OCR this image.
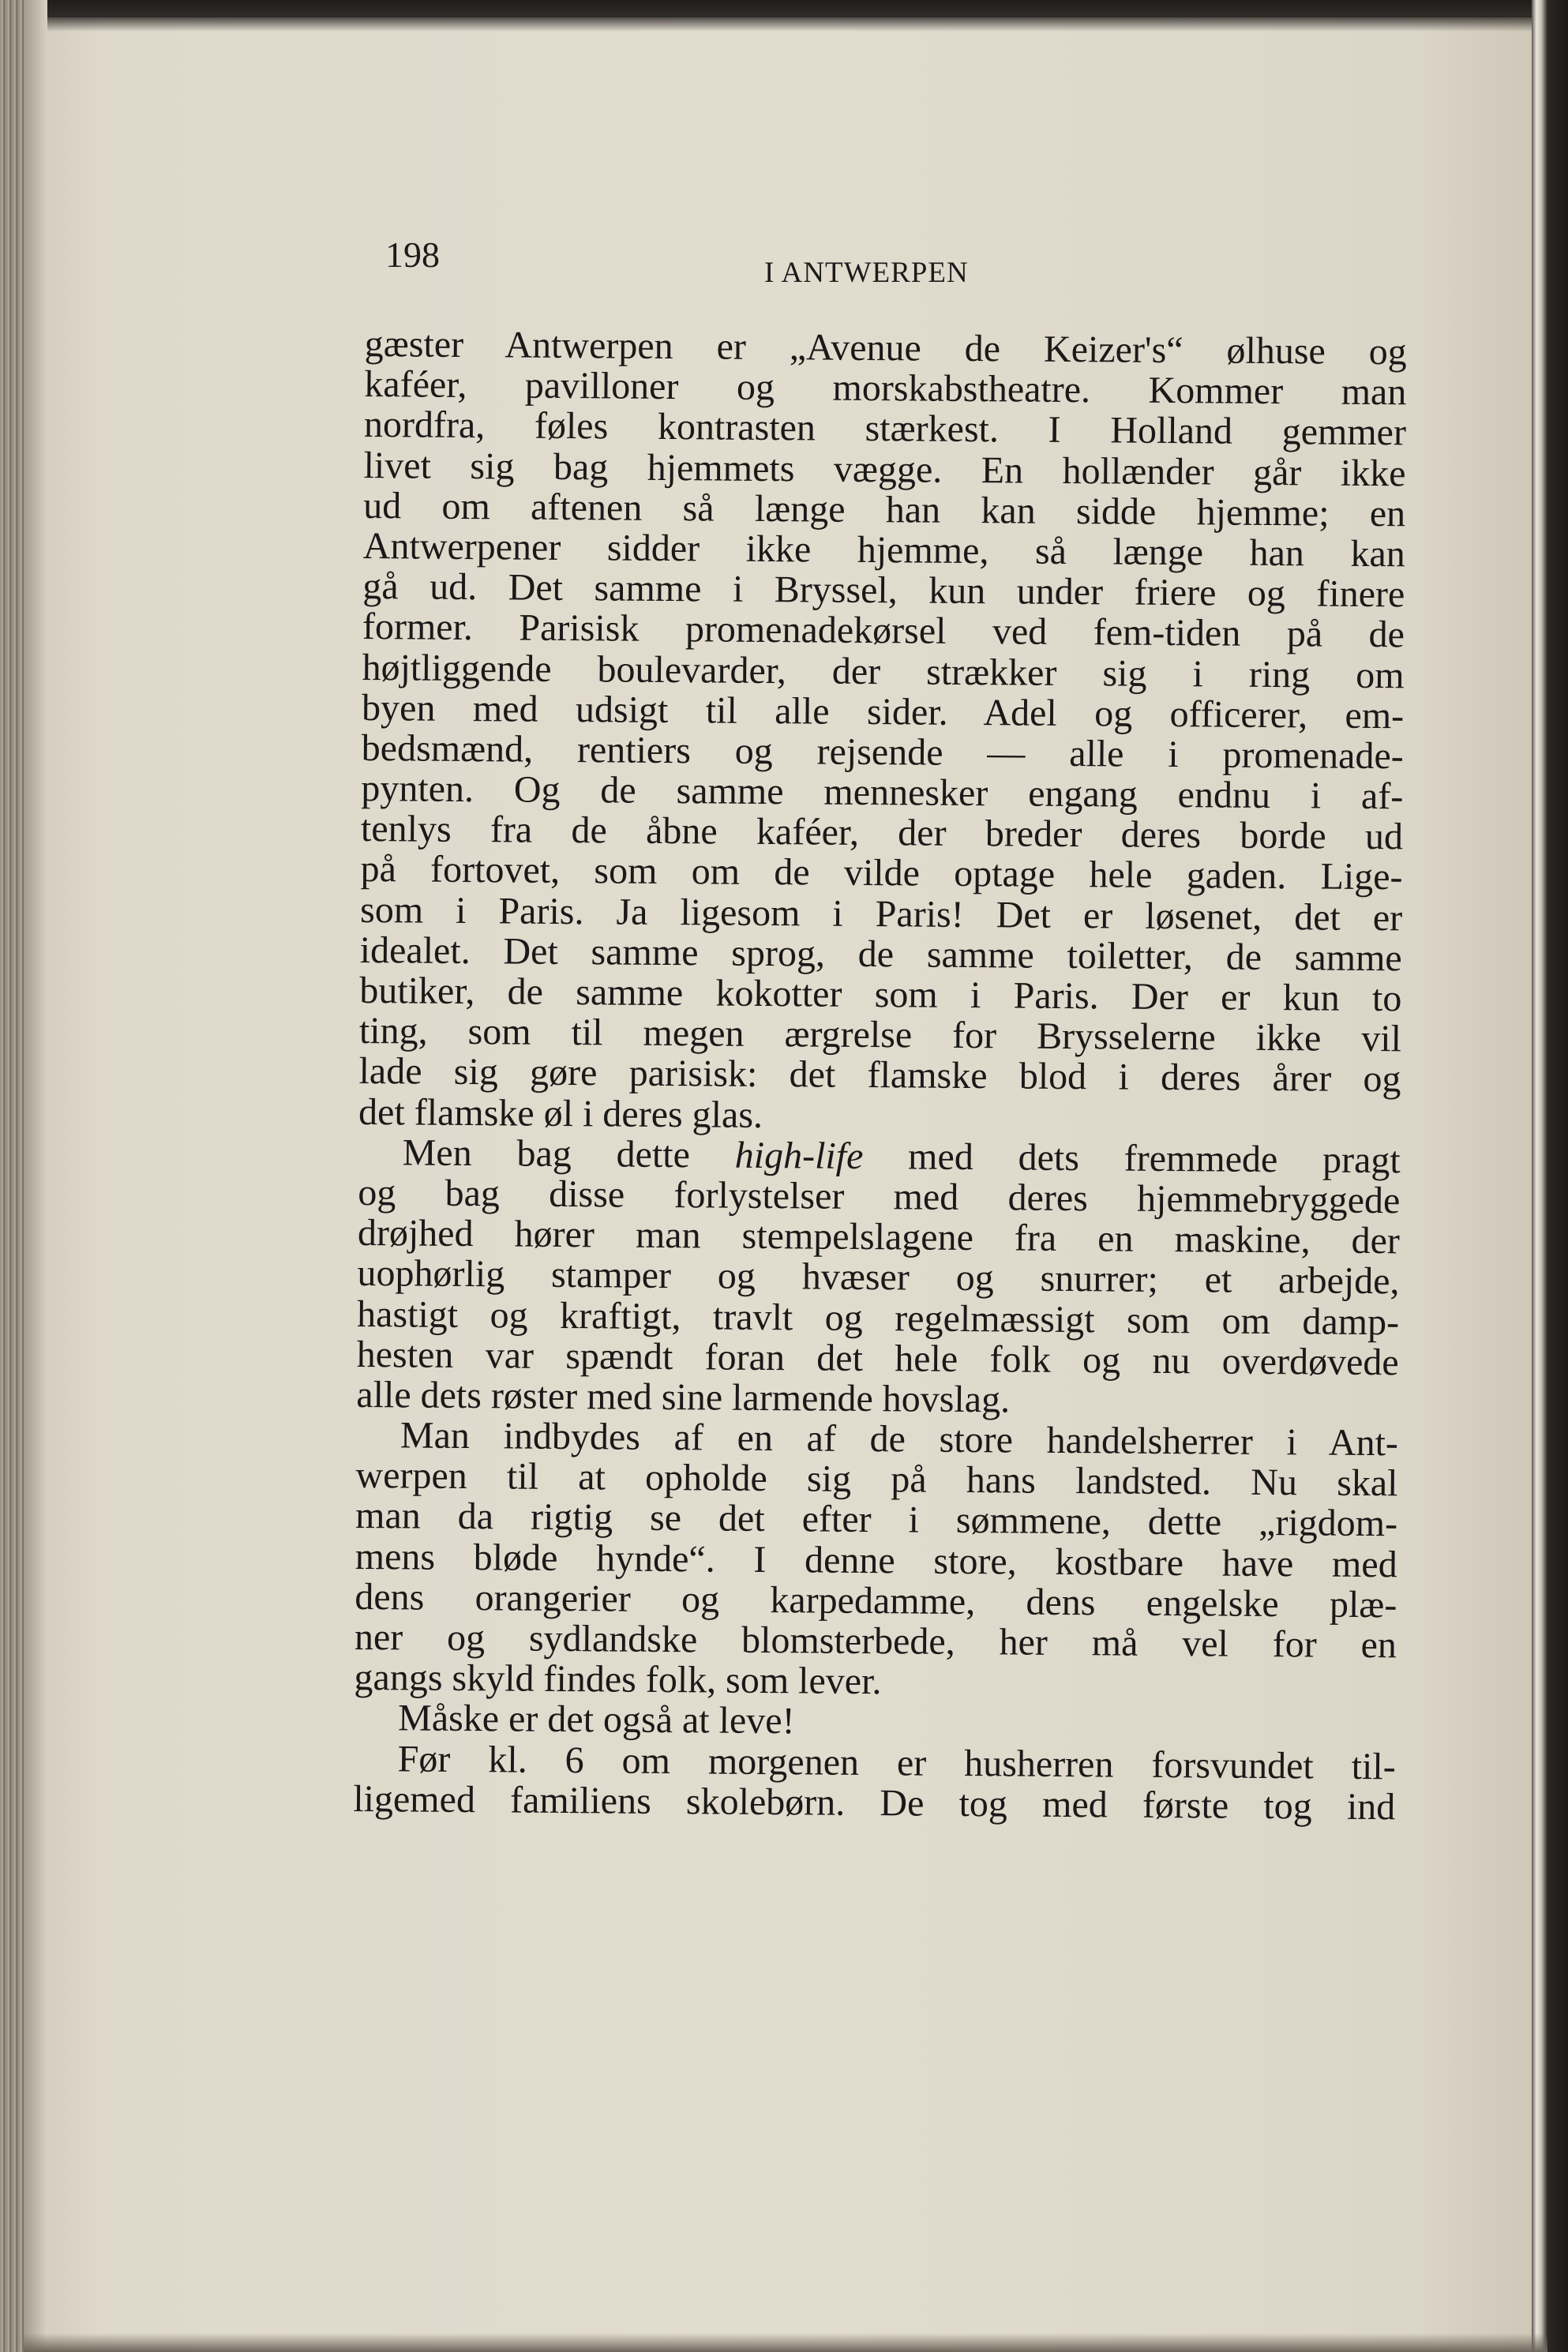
198	I ANTWERPEN
gæster Antwerpen er „Avenue de Keizer's“ ølhuse og
kaféer, pavilloner og morskabstheatre. Kommer man
nordfra, føles kontrasten stærkest. I Holland gemmer
livet sig bag hjemmets vægge. En hollænder går ikke
ud om aftenen så længe han kan sidde hjemme; en
Antwerpener sidder ikke hjemme, så længe han kan
gå ud. Det samme i Bryssel, kun under friere og finere
former. Parisisk promenadekørsel ved fem-tiden på de
højtliggende boulevarder, der strækker sig i ring om
byen med udsigt til alle sider. Adel og officerer, em-
bedsmænd, rentiers og rejsende — alle i promenade-
pynten. Og de samme mennesker engang endnu i af-
tenlys fra de åbne kaféer, der breder deres borde ud
på fortovet, som om de vilde optage hele gaden. Lige-
som i Paris. Ja ligesom i Paris! Det er løsenet, det er
idealet. Det samme sprog, de samme toiletter, de samme
butiker, de samme kokotter som i Paris. Der er kun to
ting, som til megen ærgrelse for Brysselerne ikke vil
lade sig gøre parisisk: det flamske blod i deres årer og
det flamske øl i deres glas.
Men bag dette high-life med dets fremmede pragt
og bag disse forlystelser med deres hjemmebryggede
drøjhed hører man stempelslagene fra en maskine, der
uophørlig stamper og hvæser og snurrer; et arbejde,
hastigt og kraftigt, travlt og regelmæssigt som om damp-
hesten var spændt foran det hele folk og nu overdøvede
alle dets røster med sine larmende hovslag.
Man indbydes af en af de store handelsherrer i Ant-
werpen til at opholde sig på hans landsted. Nu skal
man da rigtig se det efter i sømmene, dette „rigdom-
mens bløde hynde“. I denne store, kostbare have med
dens orangerier og karpedamme, dens engelske plæ-
ner og sydlandske blomsterbede, her må vel for en
gangs skyld findes folk, som lever.
Måske er det også at leve!
Før kl. 6 om morgenen er husherren forsvundet til-
ligemed familiens skolebørn. De tog med første tog ind
